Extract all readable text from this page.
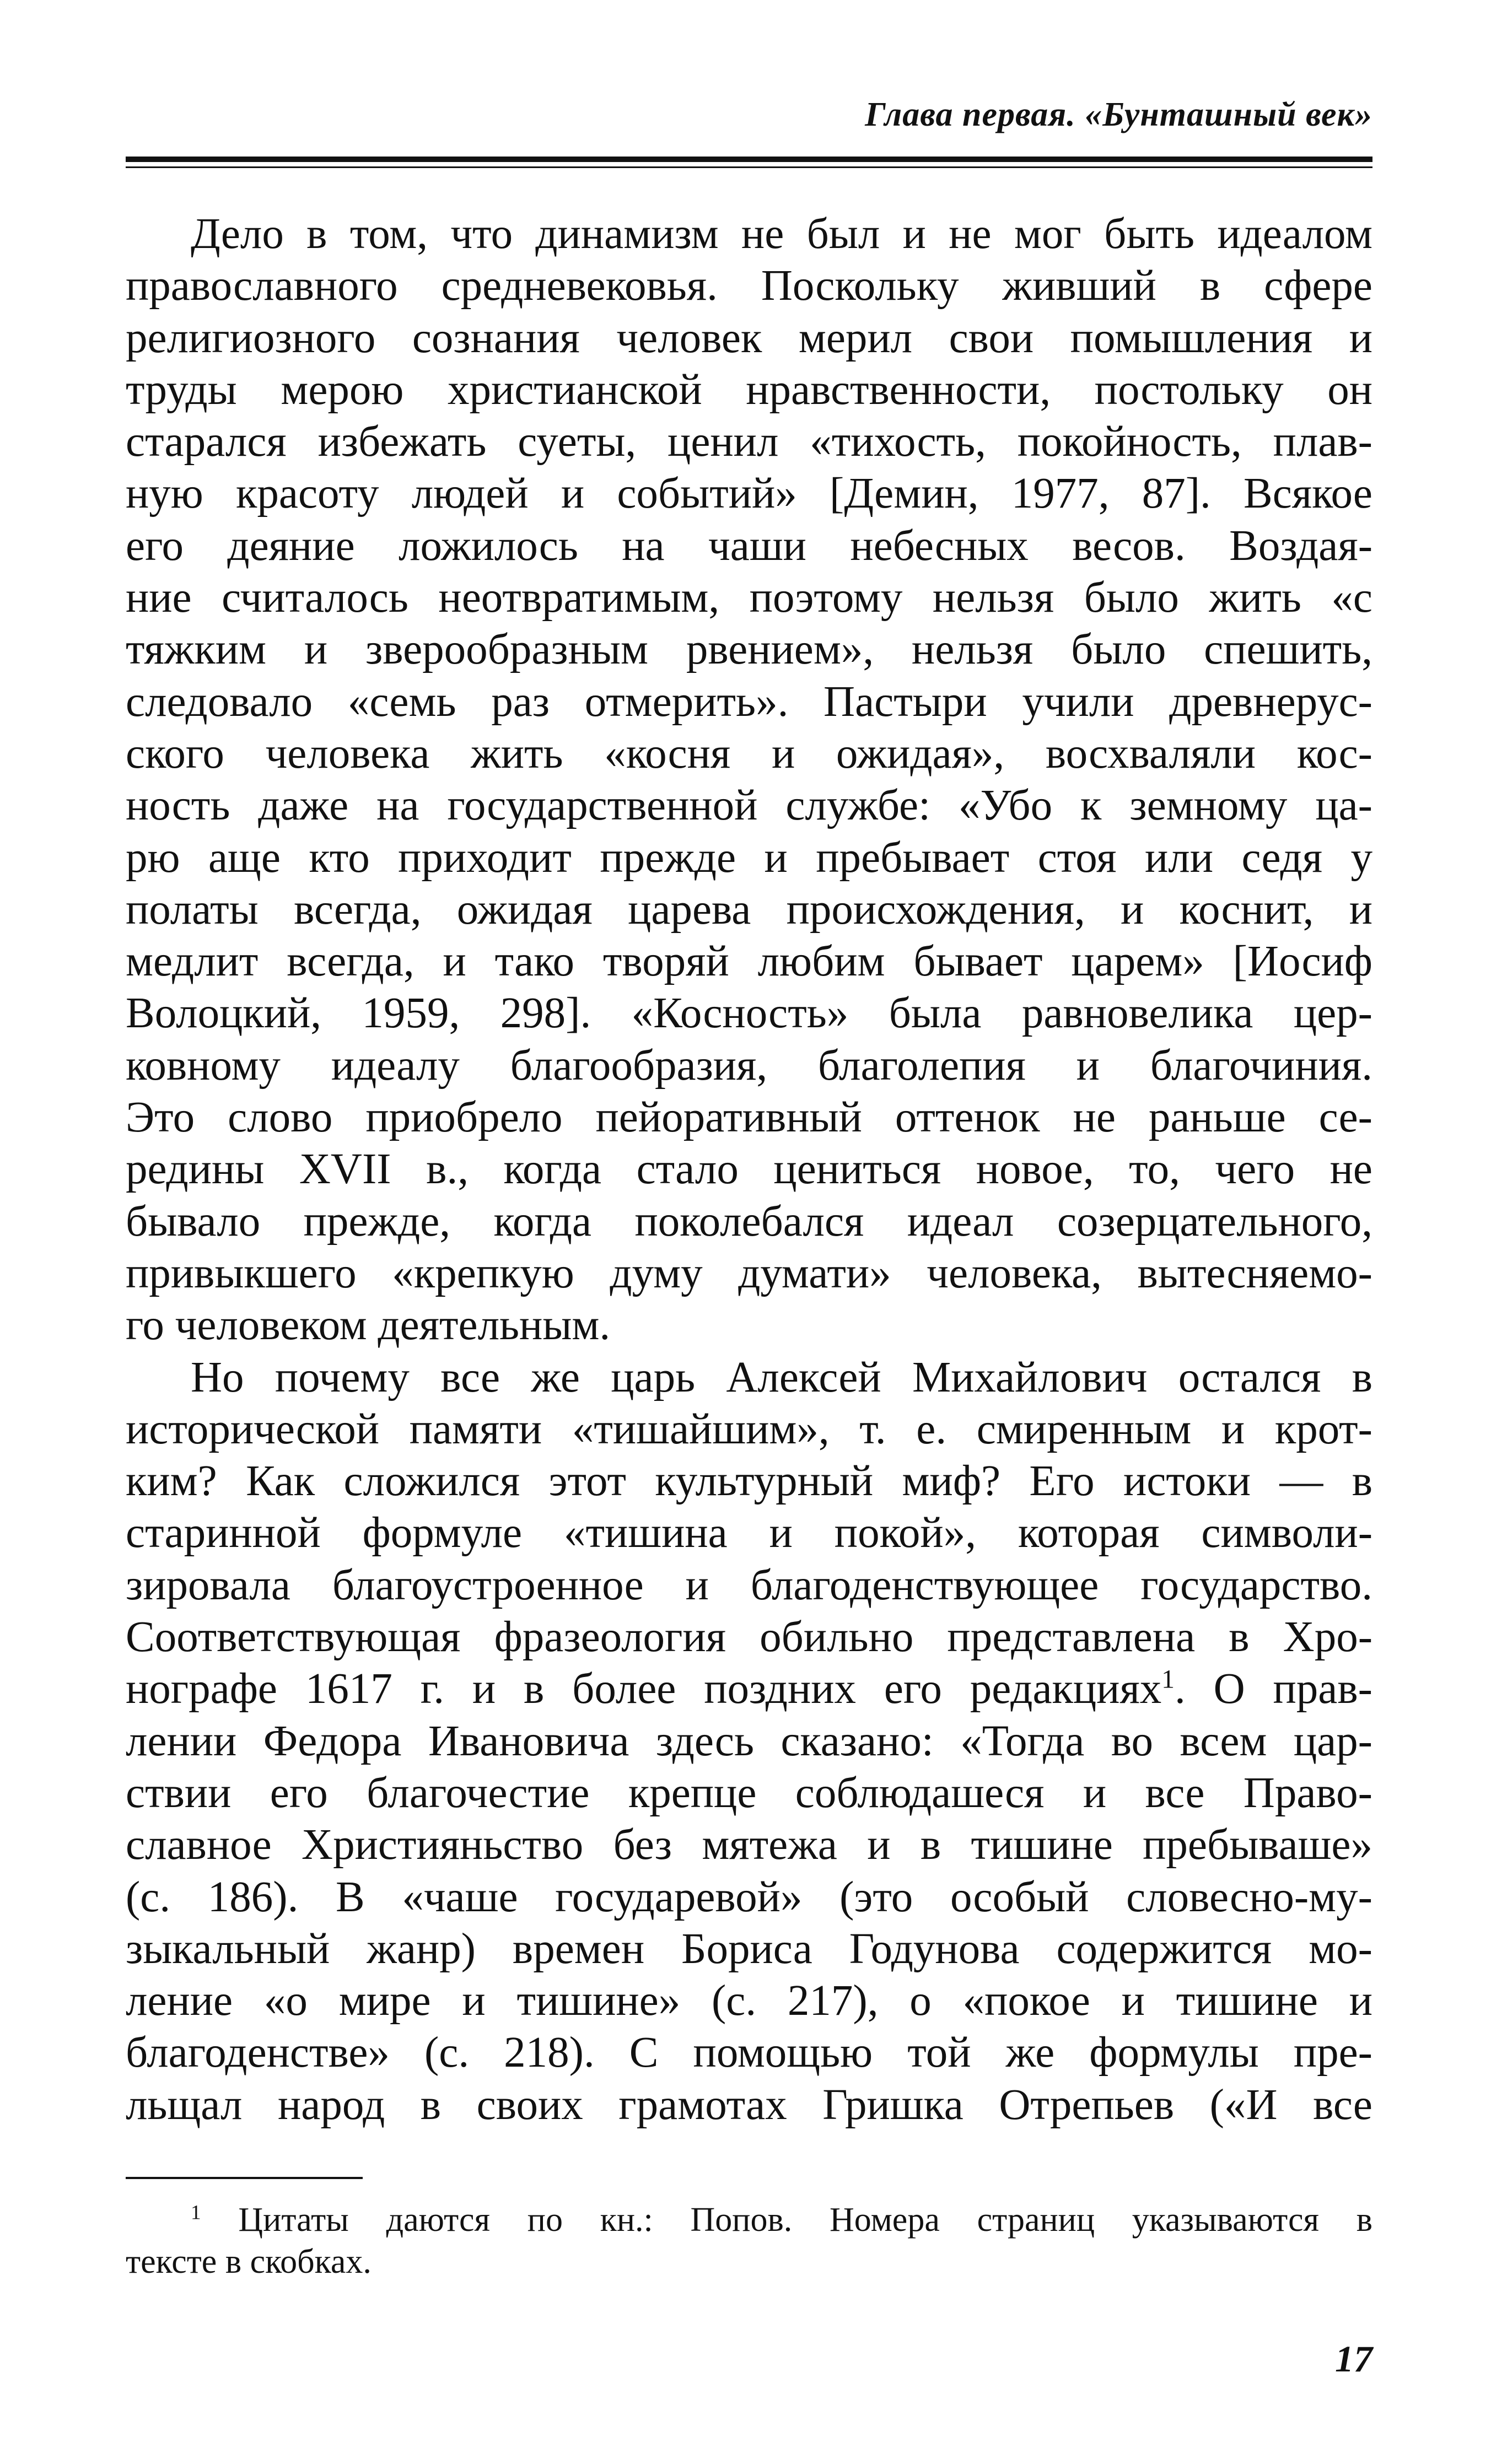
Глава первая. «Бунташный век»
Дело в том, что динамизм не был и не мог быть идеалом
православного средневековья. Поскольку живший в сфере
религиозного сознания человек мерил свои помышления и
труды мерою христианской нравственности, постольку он
старался избежать суеты, ценил «тихость, покойность, плав-
ную красоту людей и событий» [Демин, 1977, 87]. Всякое
его деяние ложилось на чаши небесных весов. Воздая-
ние считалось неотвратимым, поэтому нельзя было жить «с
тяжким и зверообразным рвением», нельзя было спешить,
следовало «семь раз отмерить». Пастыри учили древнерус-
ского человека жить «косня и ожидая», восхваляли кос-
ность даже на государственной службе: «Убо к земному ца-
рю аще кто приходит прежде и пребывает стоя или седя у
полаты всегда, ожидая царева происхождения, и коснит, и
медлит всегда, и тако творяй любим бывает царем» [Иосиф
Волоцкий, 1959, 298]. «Косность» была равновелика цер-
ковному идеалу благообразия, благолепия и благочиния.
Это слово приобрело пейоративный оттенок не раньше се-
редины XVII в., когда стало цениться новое, то, чего не
бывало прежде, когда поколебался идеал созерцательного,
привыкшего «крепкую думу думати» человека, вытесняемо-
го человеком деятельным.
Но почему все же царь Алексей Михайлович остался в
исторической памяти «тишайшим», т. е. смиренным и крот-
ким? Как сложился этот культурный миф? Его истоки — в
старинной формуле «тишина и покой», которая символи-
зировала благоустроенное и благоденствующее государство.
Соответствующая фразеология обильно представлена в Хро-
нографе 1617 г. и в более поздних его редакциях$^1$. О прав-
лении Федора Ивановича здесь сказано: «Тогда во всем цар-
ствии его благочестие крепце соблюдашеся и все Право-
славное Християньство без мятежа и в тишине пребываше»
(с. 186). В «чаше государевой» (это особый словесно-му-
зыкальный жанр) времен Бориса Годунова содержится мо-
ление «о мире и тишине» (с. 217), о «покое и тишине и
благоденстве» (с. 218). С помощью той же формулы пре-
льщал народ в своих грамотах Гришка Отрепьев («И все
$^1$ Цитаты даются по кн.: Попов. Номера страниц указываются в
тексте в скобках.
17
